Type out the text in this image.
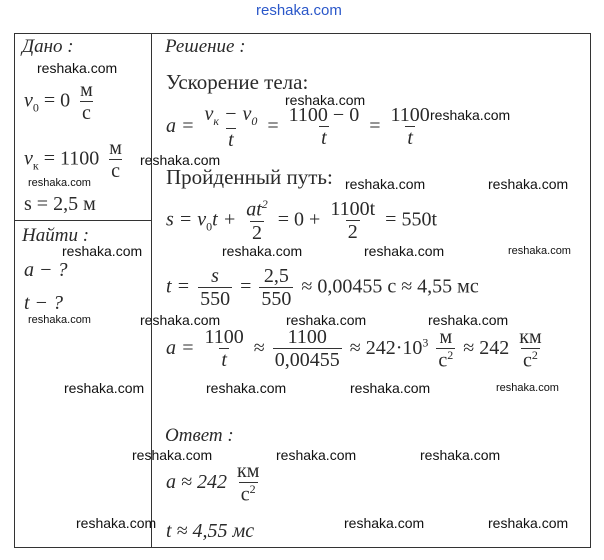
reshaka.com
Дано :
$v_0 = 0 \frac{м}{с}$
$v_к = 1100 \frac{м}{с}$
s = 2,5 м
Найти :
a − ?
t − ?
Решение :
Ускорение тела:
$a = \frac{v_к - v_0}{t} = \frac{1100 - 0}{t} = \frac{1100}{t}$
Пройденный путь:
$s = v_0t + \frac{at^2}{2} = 0 + \frac{1100t}{2} = 550t$
$t = \frac{s}{550} = \frac{2,5}{550} \approx 0,00455$ с ≈ 4,55 мс
$a = \frac{1100}{t} \approx \frac{1100}{0,00455} \approx 242\cdot 10^3 \frac{м}{с^2} \approx 242 \frac{км}{с^2}$
Ответ :
$a \approx 242 \frac{км}{с^2}$
t ≈ 4,55 мс
reshaka.com
reshaka.com
reshaka.com
reshaka.com
reshaka.com	reshaka.com	reshaka.com
reshaka.com	reshaka.com	reshaka.com	reshaka.com
reshaka.com	reshaka.com	reshaka.com	reshaka.com
reshaka.com	reshaka.com	reshaka.com	reshaka.com
reshaka.com	reshaka.com	reshaka.com
reshaka.com	reshaka.com	reshaka.com
